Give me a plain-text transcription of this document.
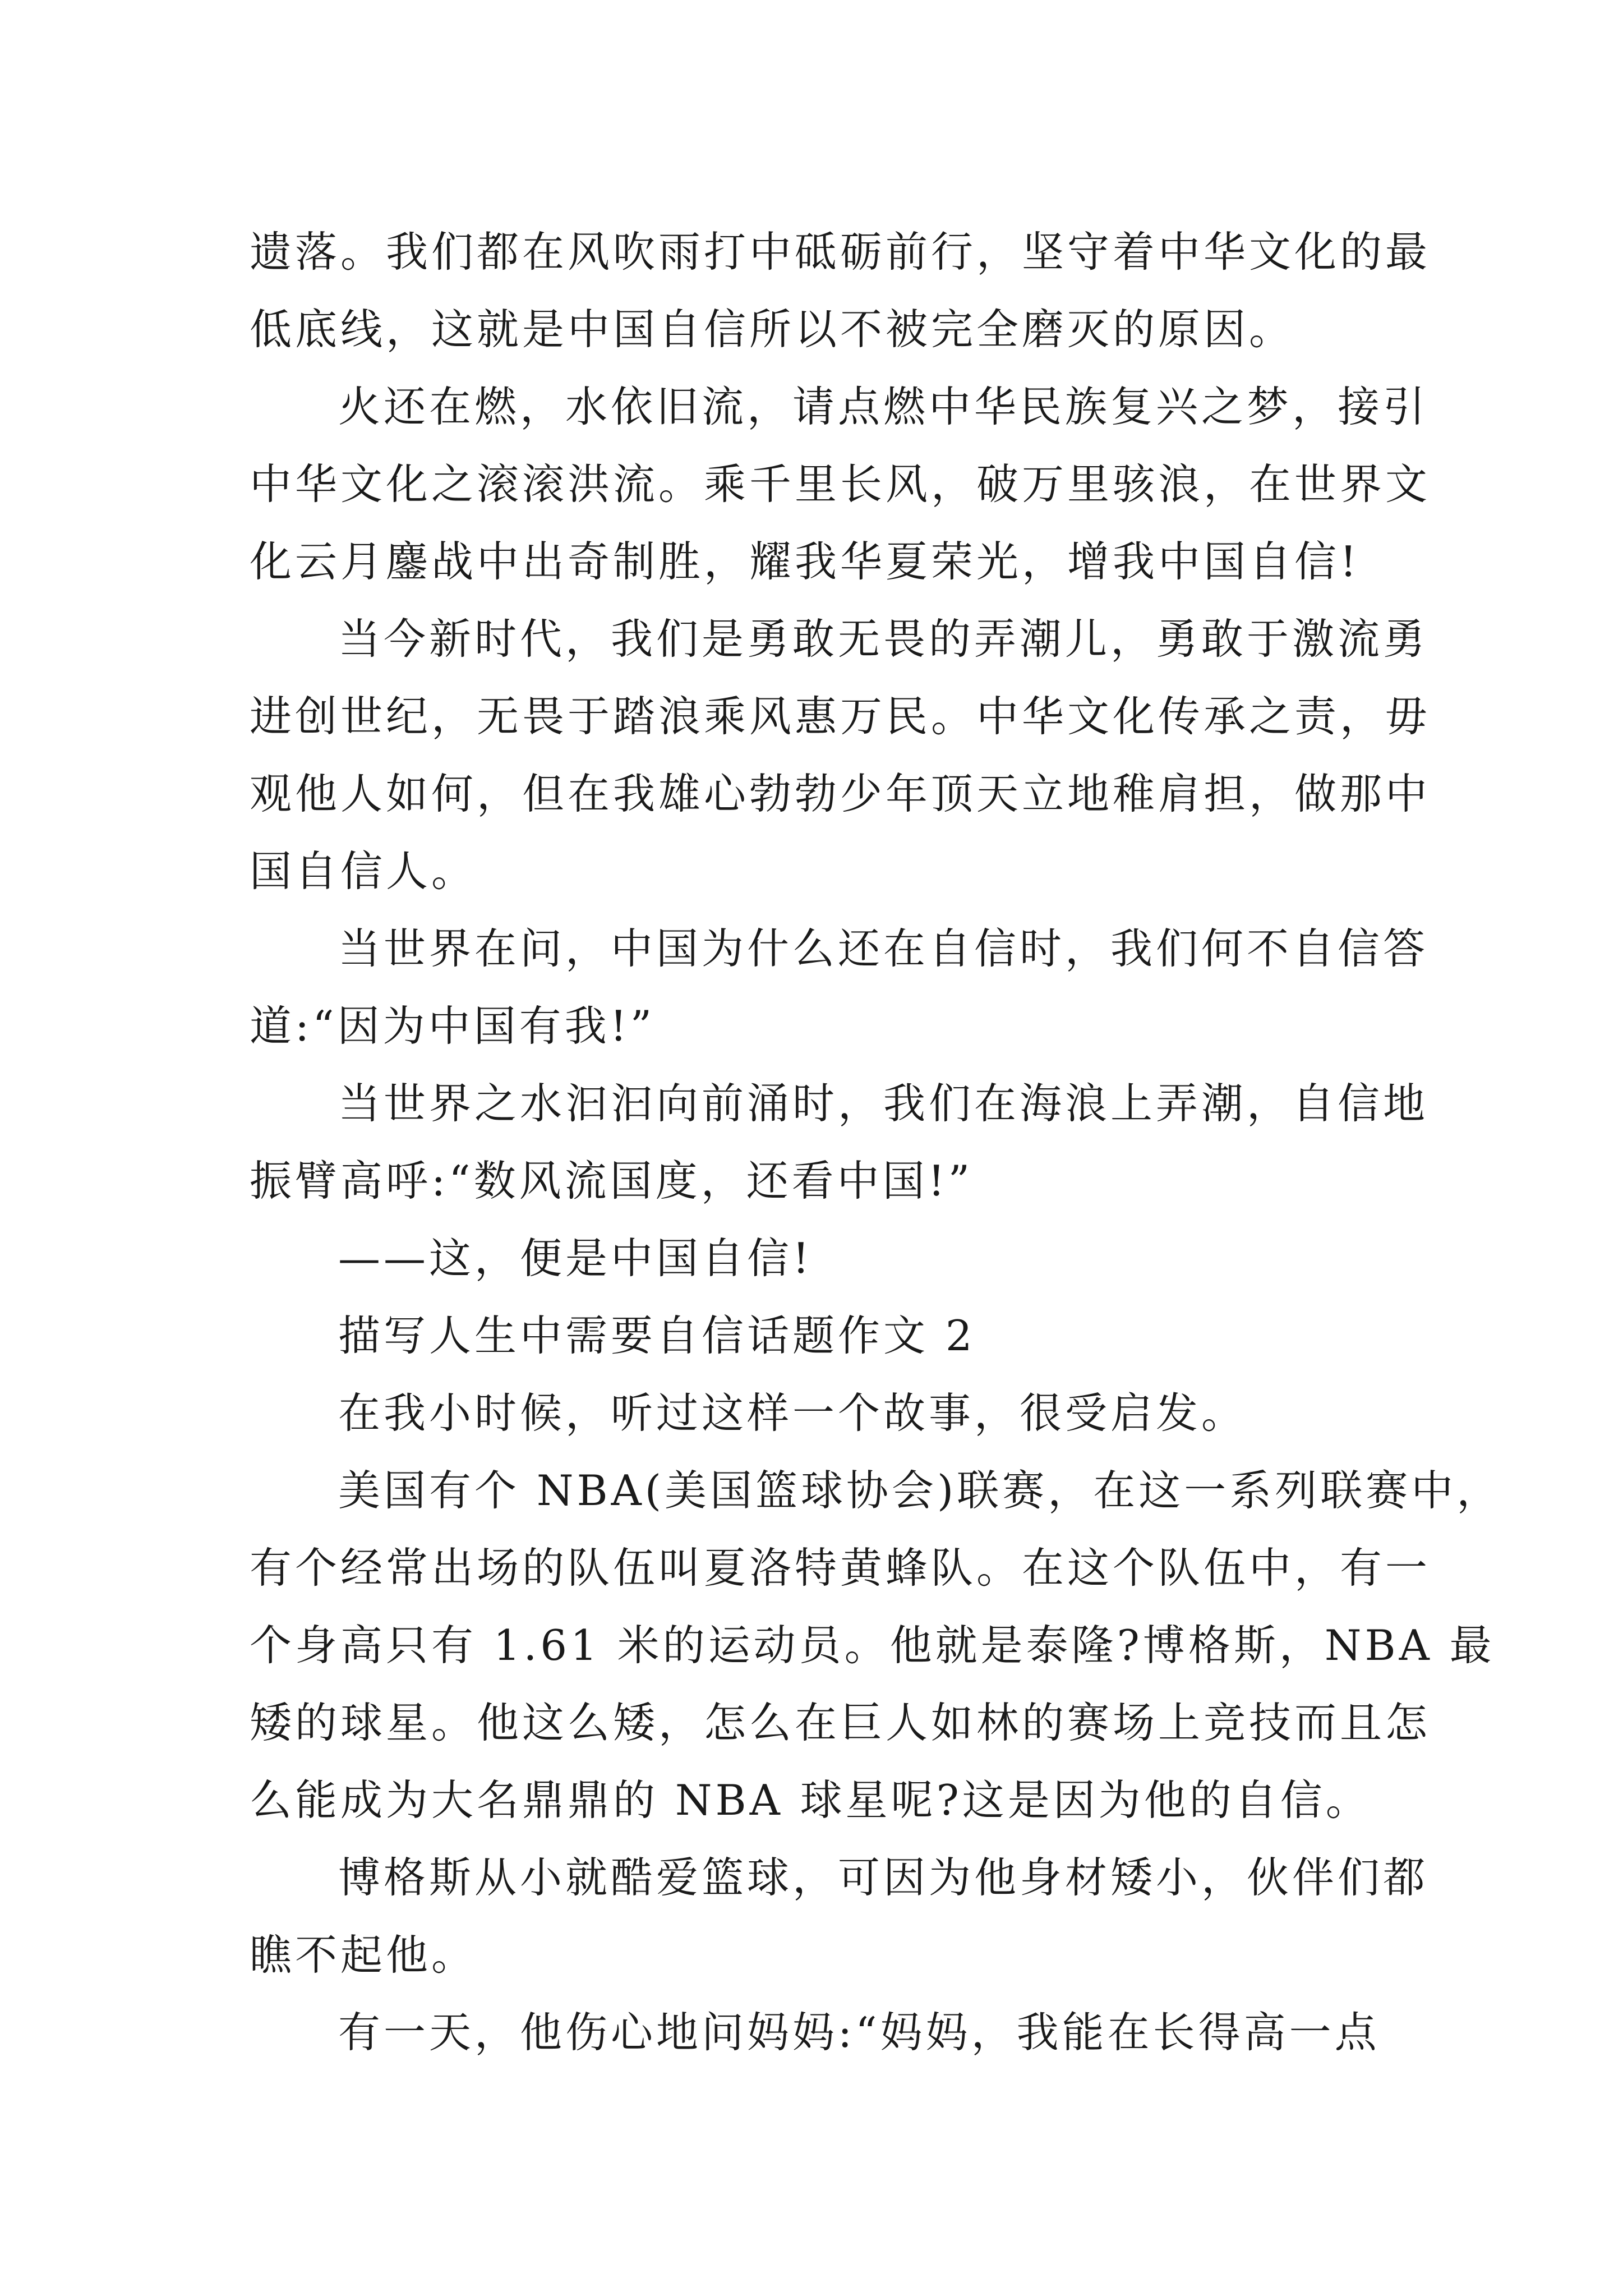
遗落。我们都在风吹雨打中砥砺前行，坚守着中华文化的最
低底线，这就是中国自信所以不被完全磨灭的原因。
火还在燃，水依旧流，请点燃中华民族复兴之梦，接引
中华文化之滚滚洪流。乘千里长风，破万里骇浪，在世界文
化云月鏖战中出奇制胜，耀我华夏荣光，增我中国自信!
当今新时代，我们是勇敢无畏的弄潮儿，勇敢于激流勇
进创世纪，无畏于踏浪乘风惠万民。中华文化传承之责，毋
观他人如何，但在我雄心勃勃少年顶天立地稚肩担，做那中
国自信人。
当世界在问，中国为什么还在自信时，我们何不自信答
道:“因为中国有我!”
当世界之水汩汩向前涌时，我们在海浪上弄潮，自信地
振臂高呼:“数风流国度，还看中国!”
——这，便是中国自信!
描写人生中需要自信话题作文 2
在我小时候，听过这样一个故事，很受启发。
美国有个 NBA(美国篮球协会)联赛，在这一系列联赛中，
有个经常出场的队伍叫夏洛特黄蜂队。在这个队伍中，有一
个身高只有 1.61 米的运动员。他就是泰隆?博格斯，NBA 最
矮的球星。他这么矮，怎么在巨人如林的赛场上竞技而且怎
么能成为大名鼎鼎的 NBA 球星呢?这是因为他的自信。
博格斯从小就酷爱篮球，可因为他身材矮小，伙伴们都
瞧不起他。
有一天，他伤心地问妈妈:“妈妈，我能在长得高一点
